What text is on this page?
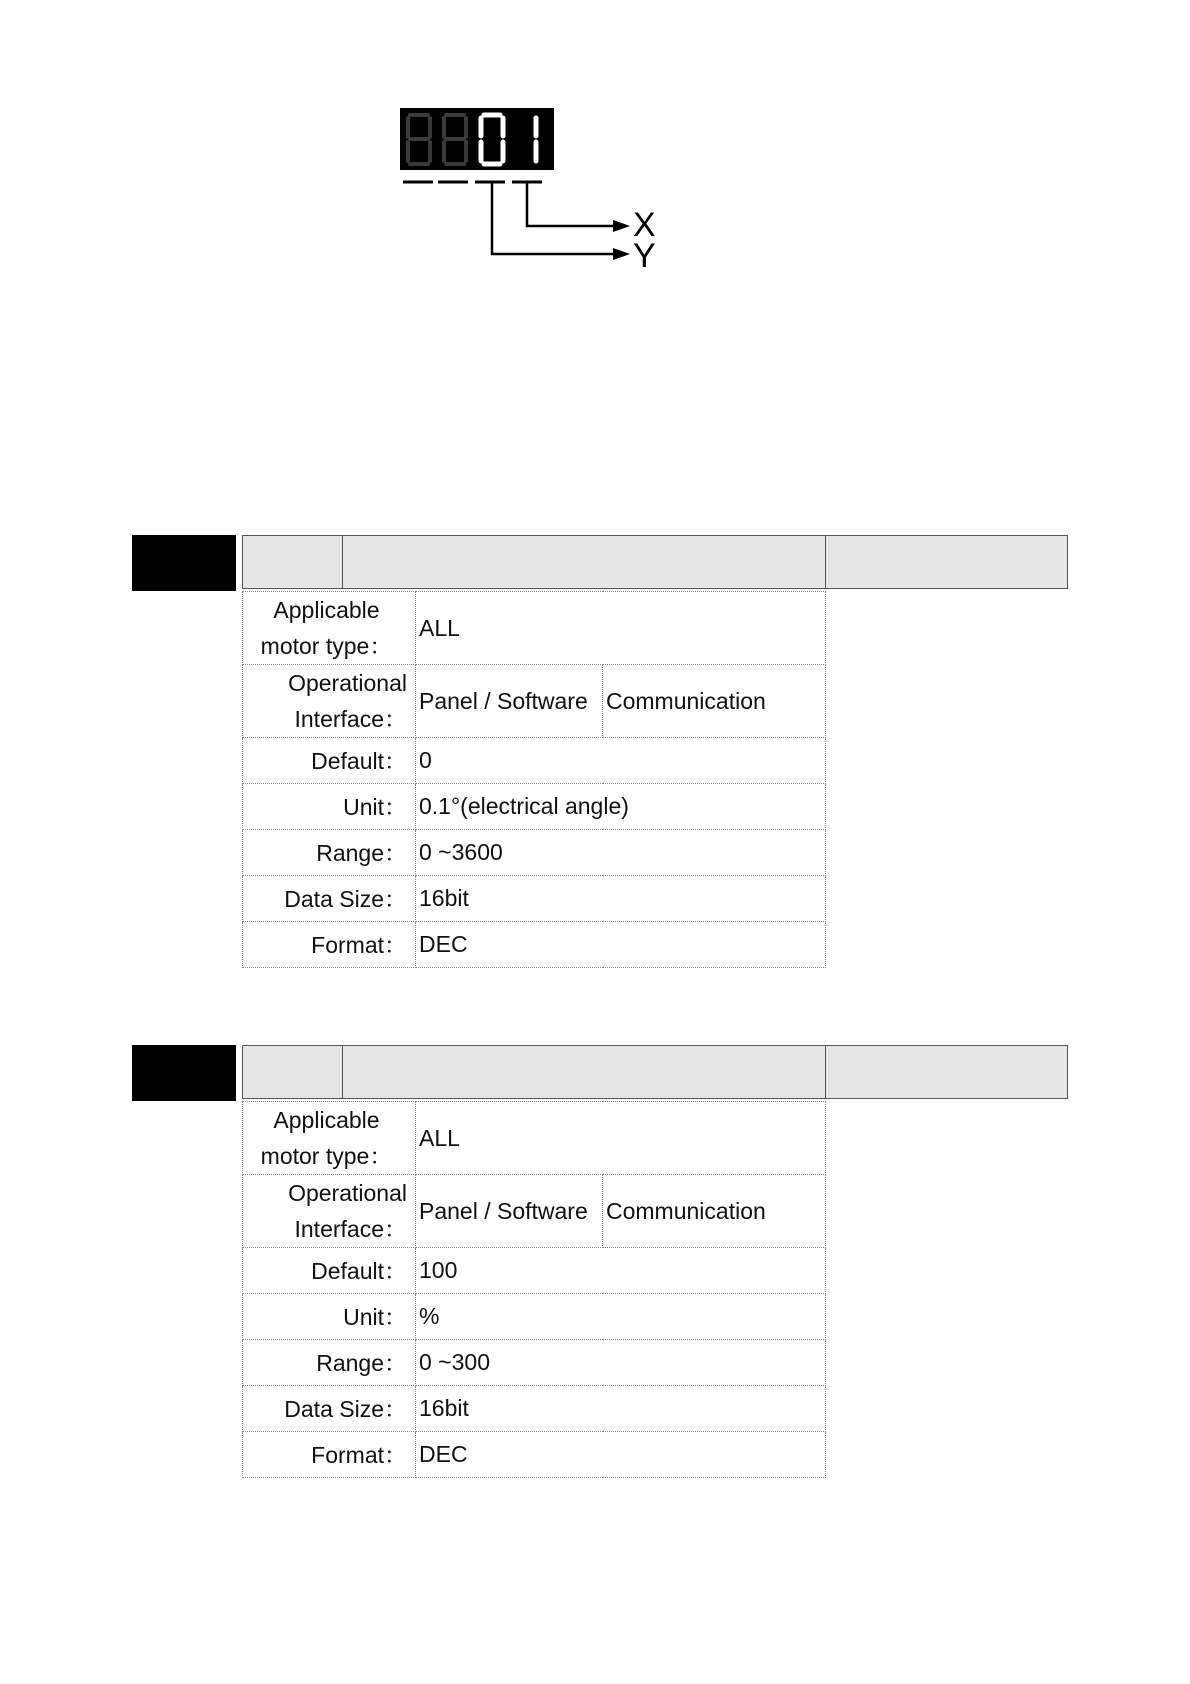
X
Y
Applicable
motor type：	ALL	

Operational
Interface：	Panel / Software	Communication
Default：	0	
Unit：	0.1°(electrical angle)	
Range：	0 ~3600	
Data Size：	16bit	
Format：	DEC	
Applicable
motor type：	ALL	

Operational
Interface：	Panel / Software	Communication
Default：	100	
Unit：	%	
Range：	0 ~300	
Data Size：	16bit	
Format：	DEC	
